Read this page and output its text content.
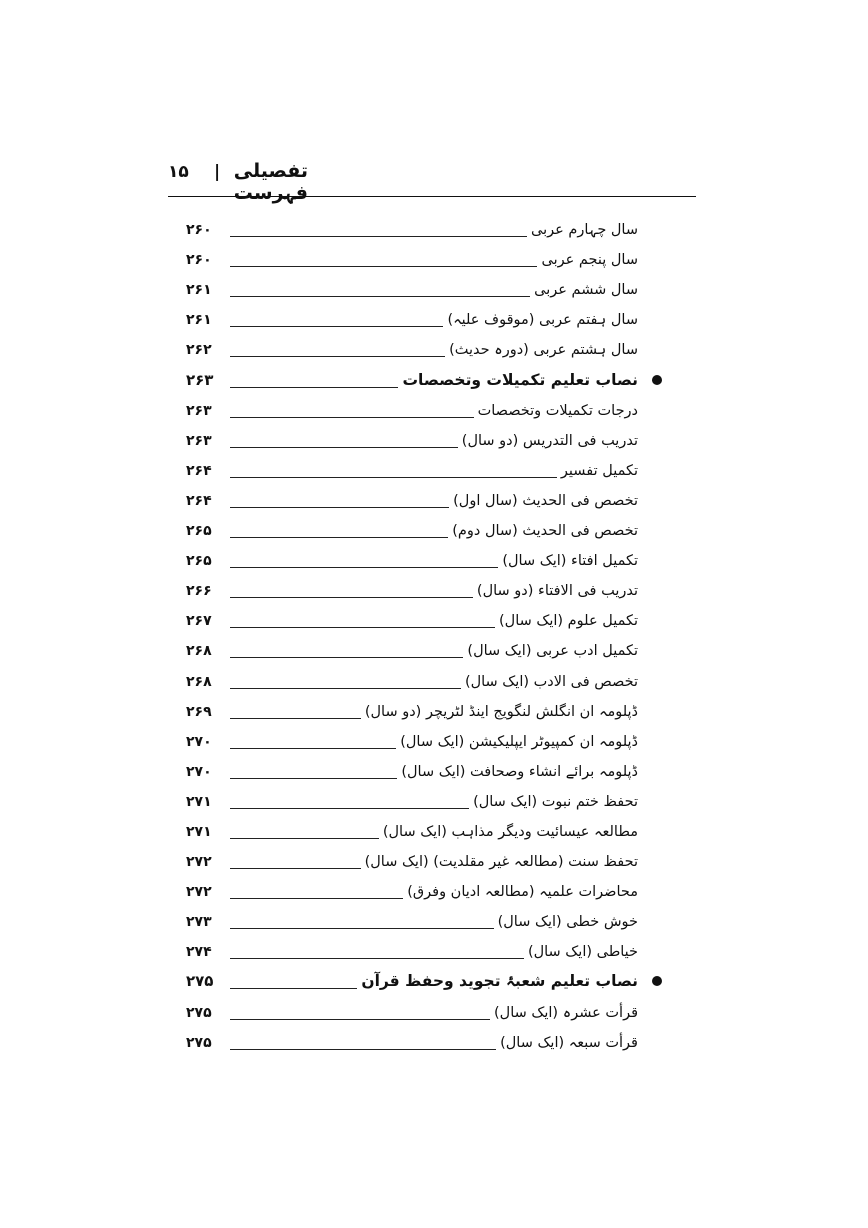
۱۵ | تفصیلی فہرست
۲۶۰	سال چہارم عربی
۲۶۰	سال پنجم عربی
۲۶۱	سال ششم عربی
۲۶۱	سال ہفتم عربی (موقوف علیہ)
۲۶۲	سال ہشتم عربی (دورہ حدیث)
۲۶۳	نصاب تعلیم تکمیلات وتخصصات
۲۶۳	درجات تکمیلات وتخصصات
۲۶۳	تدریب فی التدریس (دو سال)
۲۶۴	تکمیل تفسیر
۲۶۴	تخصص فی الحدیث (سال اول)
۲۶۵	تخصص فی الحدیث (سال دوم)
۲۶۵	تکمیل افتاء (ایک سال)
۲۶۶	تدریب فی الافتاء (دو سال)
۲۶۷	تکمیل علوم (ایک سال)
۲۶۸	تکمیل ادب عربی (ایک سال)
۲۶۸	تخصص فی الادب (ایک سال)
۲۶۹	ڈپلومہ ان انگلش لنگویج اینڈ لٹریچر (دو سال)
۲۷۰	ڈپلومہ ان کمپیوٹر ایپلیکیشن (ایک سال)
۲۷۰	ڈپلومہ برائے انشاء وصحافت (ایک سال)
۲۷۱	تحفظ ختم نبوت (ایک سال)
۲۷۱	مطالعہ عیسائیت ودیگر مذاہب (ایک سال)
۲۷۲	تحفظ سنت (مطالعہ غیر مقلدیت) (ایک سال)
۲۷۲	محاضرات علمیہ (مطالعہ ادیان وفرق)
۲۷۳	خوش خطی (ایک سال)
۲۷۴	خیاطی (ایک سال)
۲۷۵	نصاب تعلیم شعبۂ تجوید وحفظ قرآن
۲۷۵	قرأت عشرہ (ایک سال)
۲۷۵	قرأت سبعہ (ایک سال)
